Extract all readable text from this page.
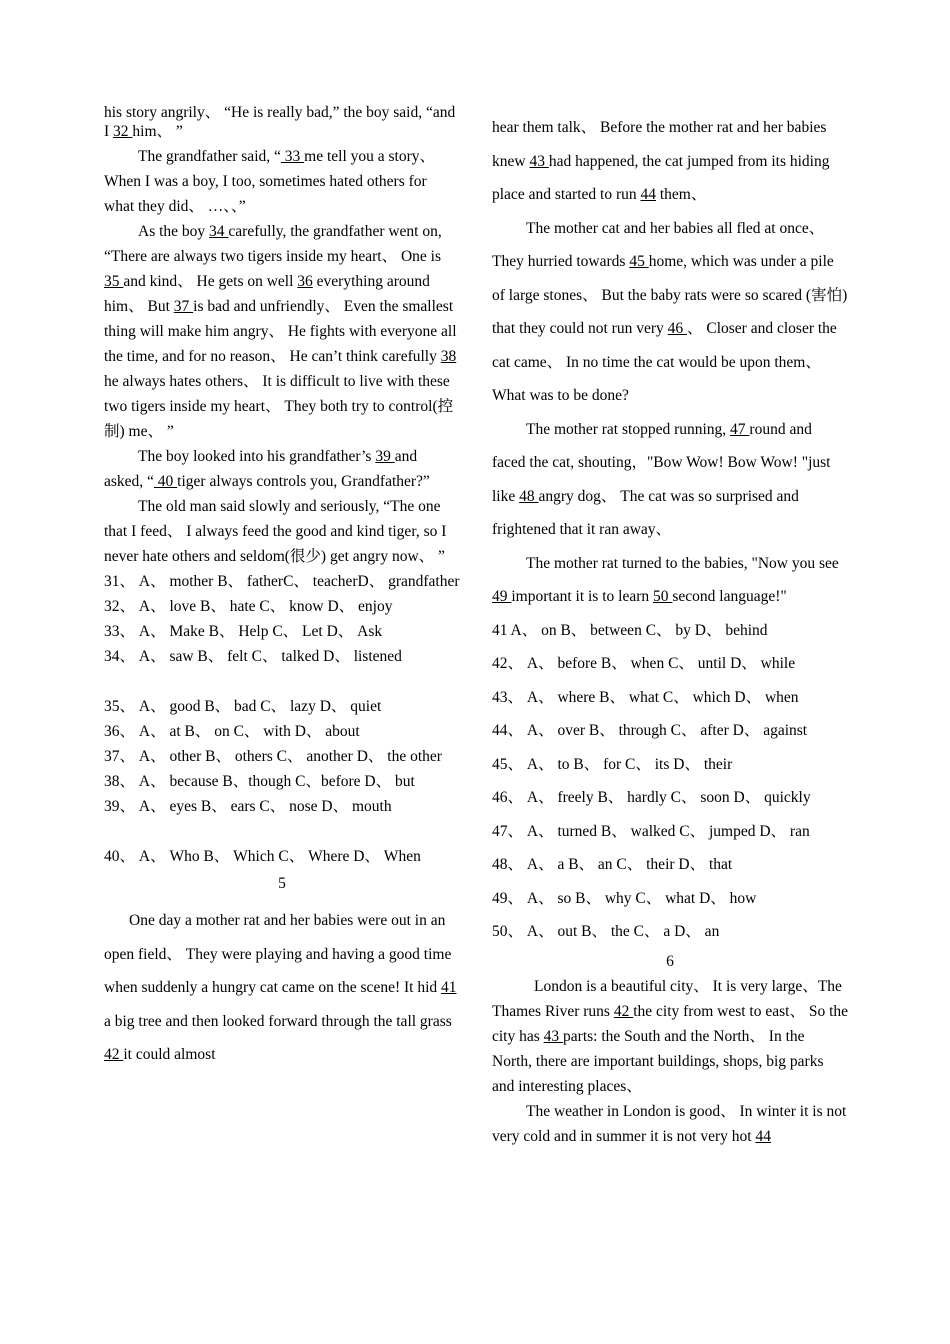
his story angrily、 “He is really bad,” the boy said, “and I 32 him、 ”

The grandfather said, “ 33 me tell you a story、 When I was a boy, I too, sometimes hated others for what they did、 …、、”

As the boy 34 carefully, the grandfather went on, “There are always two tigers inside my heart、 One is 35 and kind、 He gets on well 36 everything around him、 But 37 is bad and unfriendly、 Even the smallest thing will make him angry、 He fights with everyone all the time, and for no reason、 He can’t think carefully 38 he always hates others、 It is difficult to live with these two tigers inside my heart、 They both try to control(控制) me、 ”

The boy looked into his grandfather’s 39 and asked, “ 40 tiger always controls you, Grandfather?”

The old man said slowly and seriously, “The one that I feed、 I always feed the good and kind tiger, so I never hate others and seldom(很少) get angry now、 ”

31、 A、 mother B、 fatherC、 teacherD、 grandfather

32、 A、 love B、 hate C、 know D、 enjoy

33、 A、 Make B、 Help C、 Let D、 Ask

34、 A、 saw B、 felt C、 talked D、 listened

35、 A、 good B、 bad C、 lazy D、 quiet

36、 A、 at B、 on C、 with D、 about

37、 A、 other B、 others C、 another D、 the other 38、 A、 because B、though C、before D、 but

39、 A、 eyes B、 ears C、 nose D、 mouth

40、 A、 Who B、 Which C、 Where D、 When

5

One day a mother rat and her babies were out in an open field、 They were playing and having a good time when suddenly a hungry cat came on the scene! It hid 41 a big tree and then looked forward through the tall grass 42 it could almost

hear them talk、 Before the mother rat and her babies knew 43 had happened, the cat jumped from its hiding place and started to run 44 them、

The mother cat and her babies all fled at once、 They hurried towards 45 home, which was under a pile of large stones、 But the baby rats were so scared (害怕) that they could not run very 46 、 Closer and closer the cat came、 In no time the cat would be upon them、 What was to be done?

The mother rat stopped running, 47 round and faced the cat, shouting，"Bow Wow! Bow Wow! "just like 48 angry dog、 The cat was so surprised and frightened that it ran away、

The mother rat turned to the babies, "Now you see 49 important it is to learn 50 second language!"

41 A、 on B、 between C、 by D、 behind

42、 A、 before B、 when C、 until D、 while

43、 A、 where B、 what C、 which D、 when

44、 A、 over B、 through C、 after D、 against

45、 A、 to B、 for C、 its D、 their

46、 A、 freely B、 hardly C、 soon D、 quickly

47、 A、 turned B、 walked C、 jumped D、 ran

48、 A、 a B、 an C、 their D、 that

49、 A、 so B、 why C、 what D、 how

50、 A、 out B、 the C、 a D、 an

6

London is a beautiful city、 It is very large、The Thames River runs 42 the city from west to east、 So the city has 43 parts: the South and the North、 In the North, there are important buildings, shops, big parks and interesting places、

The weather in London is good、 In winter it is not very cold and in summer it is not very hot 44
